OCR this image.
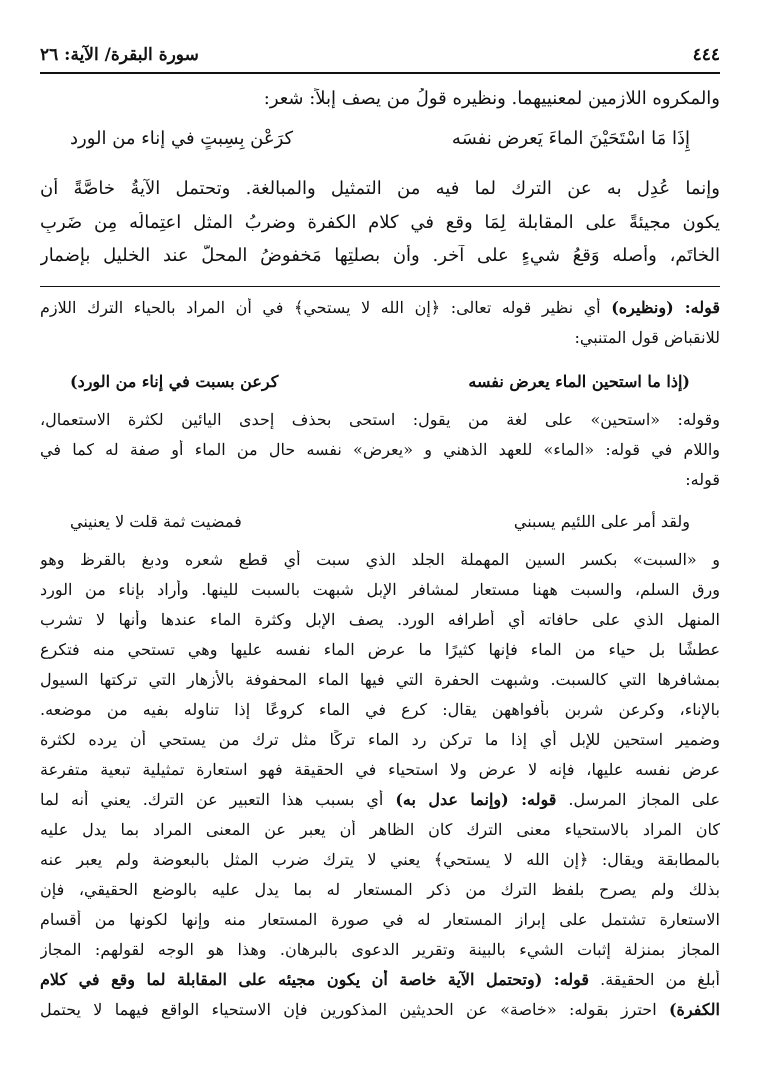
٤٤٤
سورة البقرة/ الآية: ٢٦
والمكروه اللازمين لمعنييهما. ونظيره قولُ من يصف إبلاً: شعر:
إِذَا مَا اسْتَحَيْنَ الماءَ يَعرض نفسَه
كرَعْن بِسِبتٍ في إناء من الورد
وإنما عُدِل به عن الترك لما فيه من التمثيل والمبالغة. وتحتمل الآيةُ خاصَّةً أن
يكون مجيئةً على المقابلة لِمَا وقع في كلام الكفرة وضربُ المثل اعتِمالُه مِن ضَربِ
الخاتَم، وأصله وَقعُ شيءٍ على آخر. وأن بصلتِها مَخفوضُ المحلّ عند الخليل بإضمار
قوله: (ونظيره) أي نظير قوله تعالى: ﴿إن الله لا يستحي﴾ في أن المراد بالحياء الترك اللازم
للانقباض قول المتنبي:
(إذا ما استحين الماء يعرض نفسه
كرعن بسبت في إناء من الورد)
وقوله: «استحين» على لغة من يقول: استحى بحذف إحدى اليائين لكثرة الاستعمال،
واللام في قوله: «الماء» للعهد الذهني و «يعرض» نفسه حال من الماء أو صفة له كما في
قوله:
ولقد أمر على اللئيم يسبني
فمضيت ثمة قلت لا يعنيني
و «السبت» بكسر السين المهملة الجلد الذي سبت أي قطع شعره ودبغ بالقرظ وهو
ورق السلم، والسبت ههنا مستعار لمشافر الإبل شبهت بالسبت للينها. وأراد بإناء من الورد
المنهل الذي على حافاته أي أطرافه الورد. يصف الإبل وكثرة الماء عندها وأنها لا تشرب
عطشًا بل حياء من الماء فإنها كثيرًا ما عرض الماء نفسه عليها وهي تستحي منه فتكرع
بمشافرها التي كالسبت. وشبهت الحفرة التي فيها الماء المحفوفة بالأزهار التي تركتها السيول
بالإناء، وكرعن شربن بأفواههن يقال: كرع في الماء كروعًا إذا تناوله بفيه من موضعه.
وضمير استحين للإبل أي إذا ما تركن رد الماء تركًا مثل ترك من يستحي أن يرده لكثرة
عرض نفسه عليها، فإنه لا عرض ولا استحياء في الحقيقة فهو استعارة تمثيلية تبعية متفرعة
على المجاز المرسل. قوله: (وإنما عدل به) أي بسبب هذا التعبير عن الترك. يعني أنه لما
كان المراد بالاستحياء معنى الترك كان الظاهر أن يعبر عن المعنى المراد بما يدل عليه
بالمطابقة ويقال: ﴿إن الله لا يستحي﴾ يعني لا يترك ضرب المثل بالبعوضة ولم يعبر عنه
بذلك ولم يصرح بلفظ الترك من ذكر المستعار له بما يدل عليه بالوضع الحقيقي، فإن
الاستعارة تشتمل على إبراز المستعار له في صورة المستعار منه وإنها لكونها من أقسام
المجاز بمنزلة إثبات الشيء بالبينة وتقرير الدعوى بالبرهان. وهذا هو الوجه لقولهم: المجاز
أبلغ من الحقيقة. قوله: (وتحتمل الآية خاصة أن يكون مجيئه على المقابلة لما وقع في كلام
الكفرة) احترز بقوله: «خاصة» عن الحديثين المذكورين فإن الاستحياء الواقع فيهما لا يحتمل
